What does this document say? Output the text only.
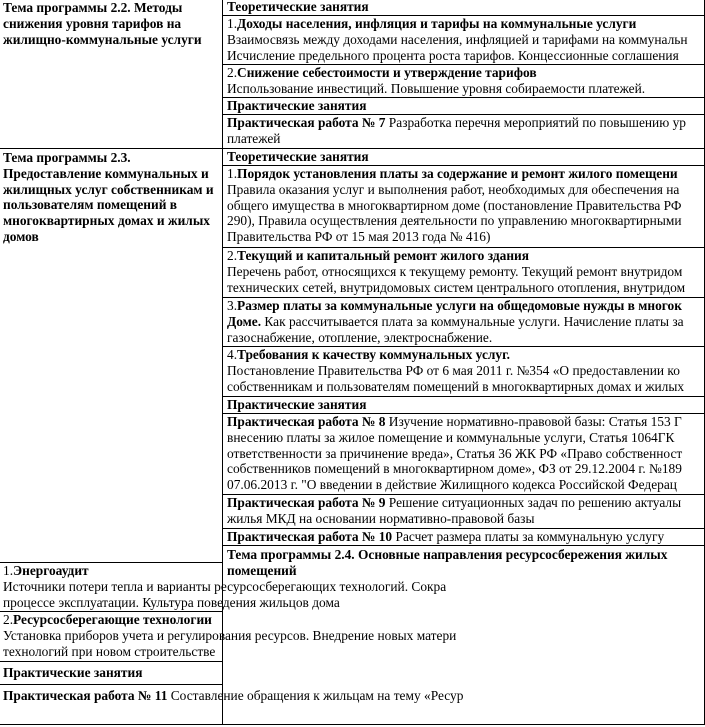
Тема программы 2.2. Методы снижения уровня тарифов на жилищно-коммунальные услуги	Теоретические занятия	

	1.Доходы населения, инфляция и тарифы на коммунальные услуги
Взаимосвязь между доходами населения, инфляцией и тарифами на коммунальн
Исчисление предельного процента роста тарифов. Концессионные соглашения	

	2.Снижение себестоимости и утверждение тарифов
Использование инвестиций. Повышение уровня собираемости платежей.	

	Практические занятия	

	Практическая работа № 7 Разработка перечня мероприятий по повышению ур
платежей	

Тема программы 2.3. Предоставление коммунальных и жилищных услуг собственникам и пользователям помещений в многоквартирных домах и жилых домов	Теоретические занятия	

	1.Порядок установления платы за содержание и ремонт жилого помещени
Правила оказания услуг и выполнения работ, необходимых для обеспечения на
общего имущества в многоквартирном доме (постановление Правительства РФ
290), Правила осуществления деятельности по управлению многоквартирными
Правительства РФ от 15 мая 2013 года № 416)	

	2.Текущий и капитальный ремонт жилого здания
Перечень работ, относящихся к текущему ремонту. Текущий ремонт внутридом
технических сетей, внутридомовых систем центрального отопления, внутридом	

	3.Размер платы за коммунальные услуги на общедомовые нужды в многок
Доме. Как рассчитывается плата за коммунальные услуги. Начисление платы за
газоснабжение, отопление, электроснабжение.	

	4.Требования к качеству коммунальных услуг.
Постановление Правительства РФ от 6 мая 2011 г. №354 «О предоставлении ко
собственникам и пользователям помещений в многоквартирных домах и жилых	

	Практические занятия	

	Практическая работа № 8 Изучение нормативно-правовой базы: Статья 153 Г
внесению платы за жилое помещение и коммунальные услуги, Статья 1064ГК
ответственности за причинение вреда», Статья 36 ЖК РФ «Право собственност
собственников помещений в многоквартирном доме», ФЗ от 29.12.2004 г. №189
07.06.2013 г. "О введении в действие Жилищного кодекса Российской Федерац	

	Практическая работа № 9 Решение ситуационных задач по решению актуалы
жилья МКД на основании нормативно-правовой базы	

	Практическая работа № 10 Расчет размера платы за коммунальную услугу	

	Тема программы 2.4. Основные направления ресурсосбережения жилых помещений	

1.Энергоаудит
Источники потери тепла и варианты ресурсосберегающих технологий. Сокра
процессе эксплуатации. Культура поведения жильцов дома		

2.Ресурсосберегающие технологии
Установка приборов учета и регулирования ресурсов. Внедрение новых матери
технологий при новом строительстве		

Практические занятия		

Практическая работа № 11 Составление обращения к жильцам на тему «Ресур		
